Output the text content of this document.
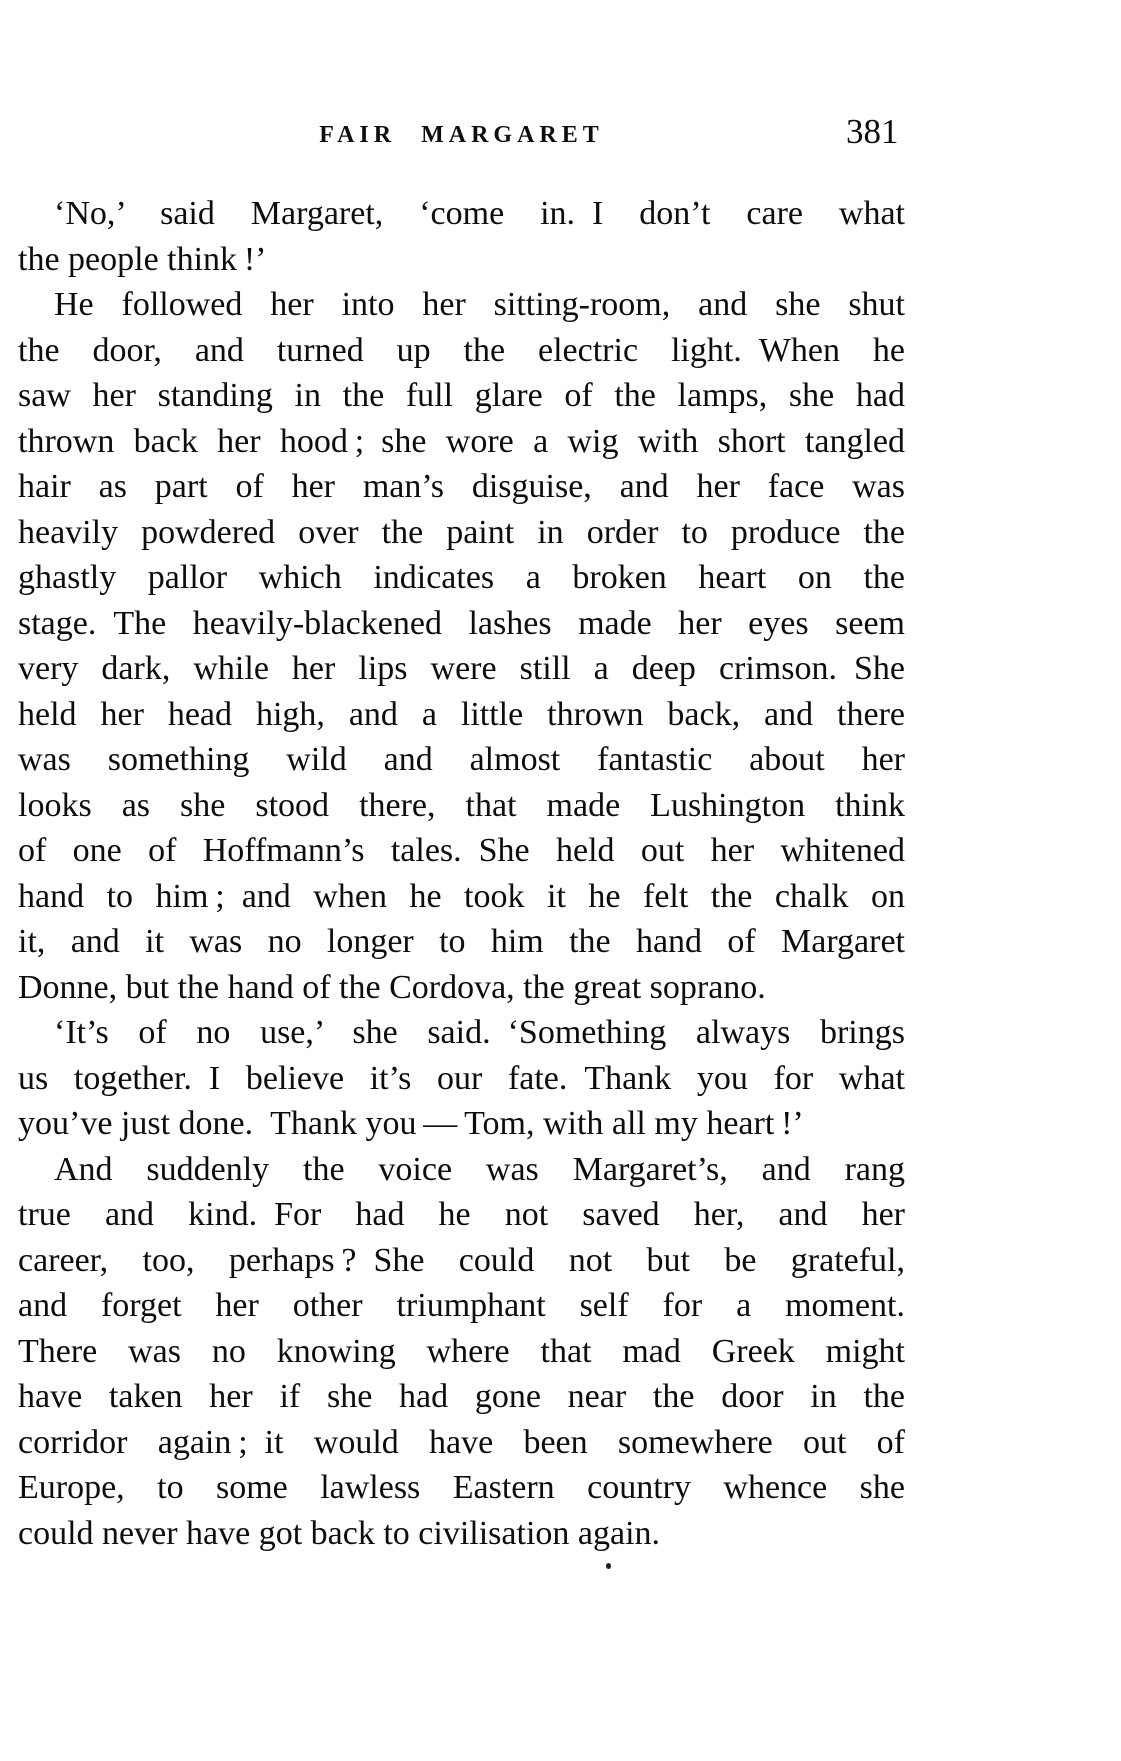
FAIR MARGARET	381
‘No,’ said Margaret, ‘come in. I don’t care what
the people think !’
He followed her into her sitting-room, and she shut
the door, and turned up the electric light. When he
saw her standing in the full glare of the lamps, she had
thrown back her hood ; she wore a wig with short tangled
hair as part of her man’s disguise, and her face was
heavily powdered over the paint in order to produce the
ghastly pallor which indicates a broken heart on the
stage. The heavily-blackened lashes made her eyes seem
very dark, while her lips were still a deep crimson. She
held her head high, and a little thrown back, and there
was something wild and almost fantastic about her
looks as she stood there, that made Lushington think
of one of Hoffmann’s tales. She held out her whitened
hand to him ; and when he took it he felt the chalk on
it, and it was no longer to him the hand of Margaret
Donne, but the hand of the Cordova, the great soprano.
‘It’s of no use,’ she said. ‘Something always brings
us together. I believe it’s our fate. Thank you for what
you’ve just done. Thank you — Tom, with all my heart !’
And suddenly the voice was Margaret’s, and rang
true and kind. For had he not saved her, and her
career, too, perhaps ? She could not but be grateful,
and forget her other triumphant self for a moment.
There was no knowing where that mad Greek might
have taken her if she had gone near the door in the
corridor again ; it would have been somewhere out of
Europe, to some lawless Eastern country whence she
could never have got back to civilisation again.
